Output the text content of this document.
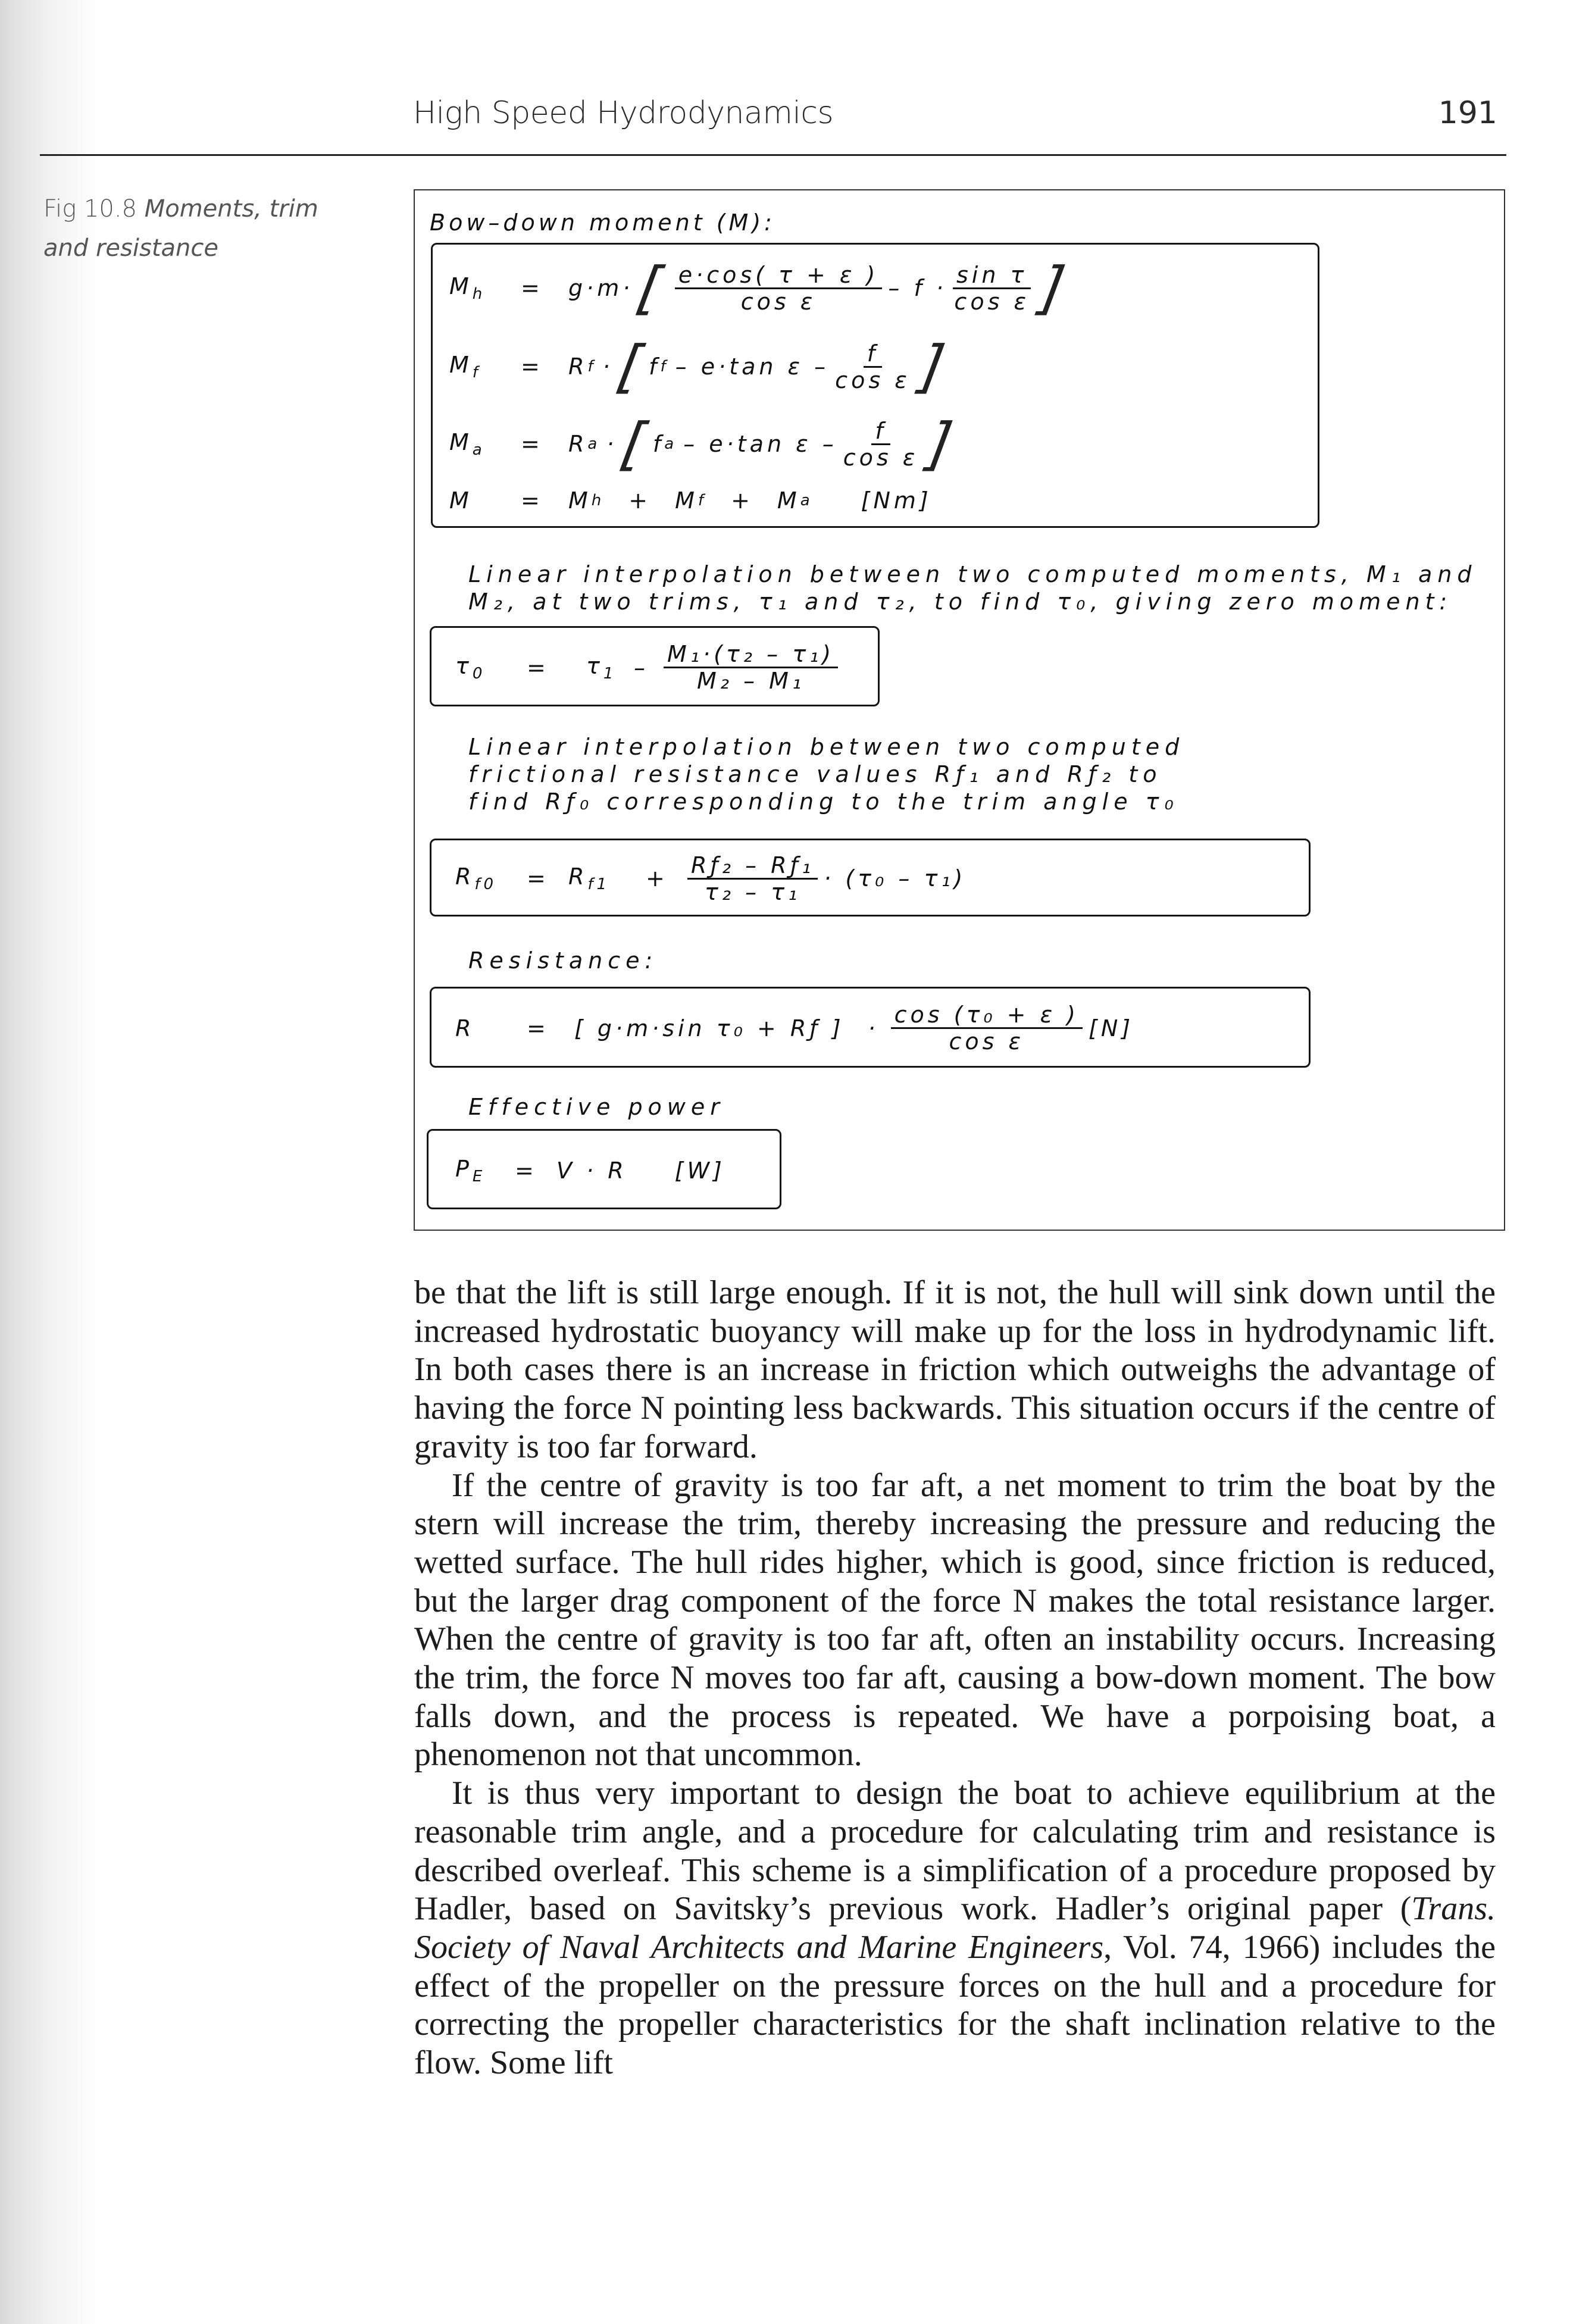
High Speed Hydrodynamics	191
Fig 10.8 Moments, trim and resistance
Bow–down moment (M):
$M_h$	=	g·m·
[ $\frac{e\cdot\cos( \tau + \varepsilon )}{\text{cos ε}} - f \cdot \frac{\text{sin τ}}{\text{cos ε}}$ ]
$M_f$	=	R f ·
[
f f – e·tan ε – $\frac{f}{\text{cos ε}}$ ]
$M_a$	=	R a ·
[
f a – e·tan ε – $\frac{f}{\text{cos ε}}$ ]
M	=	M h + M f + M a [Nm]
Linear interpolation between two computed moments, M₁ and
M₂, at two trims, τ₁ and τ₂, to find τ₀, giving zero moment:
$\tau_0$	=	$\tau_1 - \frac{\text{M₁·(τ₂ – τ₁)}}{\text{M₂ – M₁}}$
Linear interpolation between two computed
frictional resistance values Rƒ₁ and Rƒ₂ to
find Rƒ₀ corresponding to the trim angle τ₀
$R_{f0}$	= $R_{f1}$	+ $\frac{\text{Rƒ₂ – Rƒ₁}}{\text{τ₂ – τ₁}} \cdot (\tau_0 - \tau_1)$
Resistance:
R	=	[ g·m·sin τ₀ + Rƒ ] · $\frac{\text{cos (τ₀ + ε )}}{\text{cos ε}} [N]$
Effective power
$P_E$	= V · R [W]

be that the lift is still large enough. If it is not, the hull will sink down until the increased hydrostatic buoyancy will make up for the loss in hydrodynamic lift. In both cases there is an increase in friction which outweighs the advantage of having the force N pointing less backwards. This situation occurs if the centre of gravity is too far forward.

If the centre of gravity is too far aft, a net moment to trim the boat by the stern will increase the trim, thereby increasing the pressure and reducing the wetted surface. The hull rides higher, which is good, since friction is reduced, but the larger drag component of the force N makes the total resistance larger. When the centre of gravity is too far aft, often an instability occurs. Increasing the trim, the force N moves too far aft, causing a bow-down moment. The bow falls down, and the process is repeated. We have a porpoising boat, a phenomenon not that uncommon.

It is thus very important to design the boat to achieve equilibrium at the reasonable trim angle, and a procedure for calculating trim and resistance is described overleaf. This scheme is a simplification of a procedure proposed by Hadler, based on Savitsky’s previous work. Hadler’s original paper (Trans. Society of Naval Architects and Marine Engineers, Vol. 74, 1966) includes the effect of the propeller on the pressure forces on the hull and a procedure for correcting the propeller characteristics for the shaft inclination relative to the flow. Some lift
